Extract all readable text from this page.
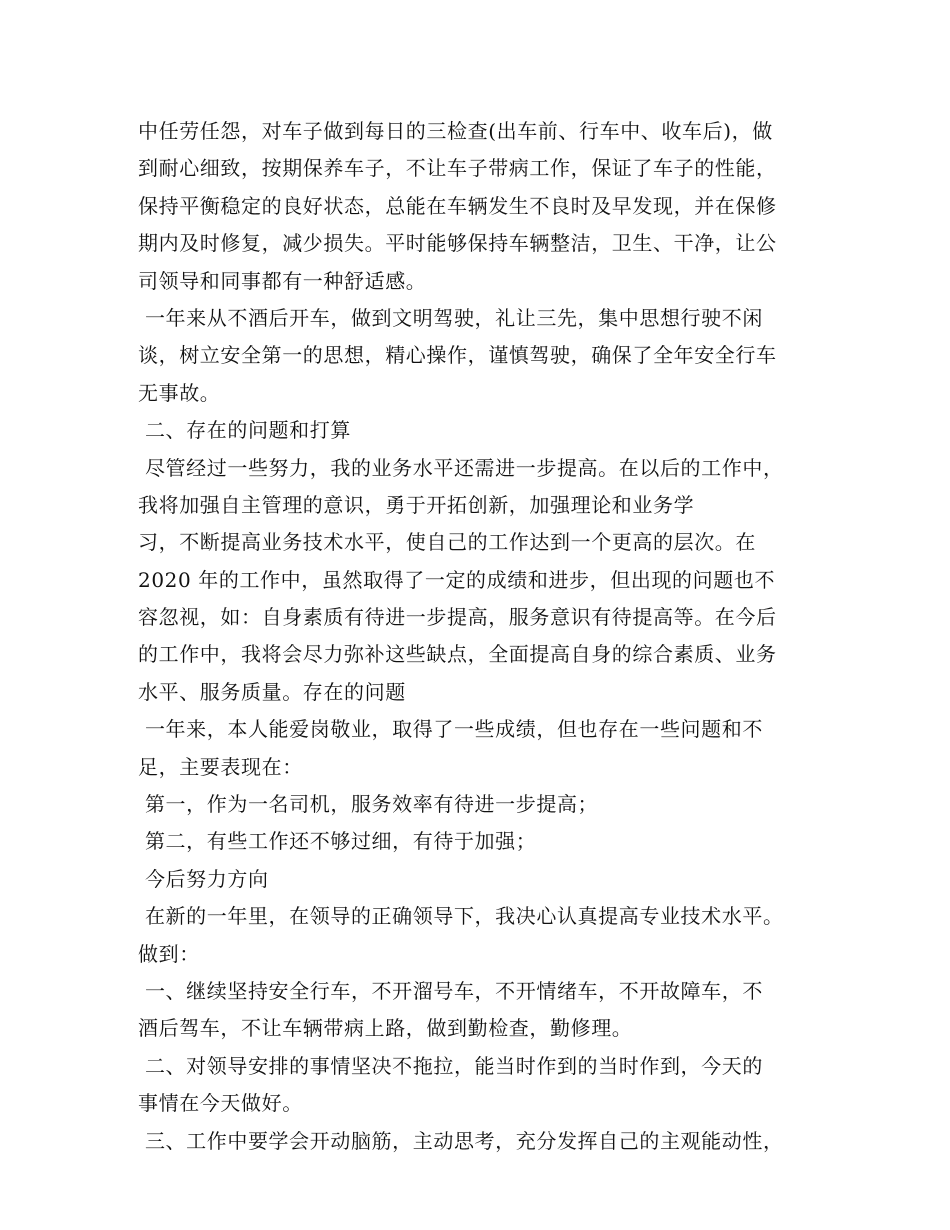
中任劳任怨，对车子做到每日的三检查(出车前、行车中、收车后)，做
到耐心细致，按期保养车子，不让车子带病工作，保证了车子的性能，
保持平衡稳定的良好状态，总能在车辆发生不良时及早发现，并在保修
期内及时修复，减少损失。平时能够保持车辆整洁，卫生、干净，让公
司领导和同事都有一种舒适感。
一年来从不酒后开车，做到文明驾驶，礼让三先，集中思想行驶不闲
谈，树立安全第一的思想，精心操作，谨慎驾驶，确保了全年安全行车
无事故。
二、存在的问题和打算
尽管经过一些努力，我的业务水平还需进一步提高。在以后的工作中，
我将加强自主管理的意识，勇于开拓创新，加强理论和业务学
习，不断提高业务技术水平，使自己的工作达到一个更高的层次。在
2020 年的工作中，虽然取得了一定的成绩和进步，但出现的问题也不
容忽视，如：自身素质有待进一步提高，服务意识有待提高等。在今后
的工作中，我将会尽力弥补这些缺点，全面提高自身的综合素质、业务
水平、服务质量。存在的问题
一年来，本人能爱岗敬业，取得了一些成绩，但也存在一些问题和不
足，主要表现在：
第一，作为一名司机，服务效率有待进一步提高；
第二，有些工作还不够过细，有待于加强；
今后努力方向
在新的一年里，在领导的正确领导下，我决心认真提高专业技术水平。
做到：
一、继续坚持安全行车，不开溜号车，不开情绪车，不开故障车，不
酒后驾车，不让车辆带病上路，做到勤检查，勤修理。
二、对领导安排的事情坚决不拖拉，能当时作到的当时作到，今天的
事情在今天做好。
三、工作中要学会开动脑筋，主动思考，充分发挥自己的主观能动性，
